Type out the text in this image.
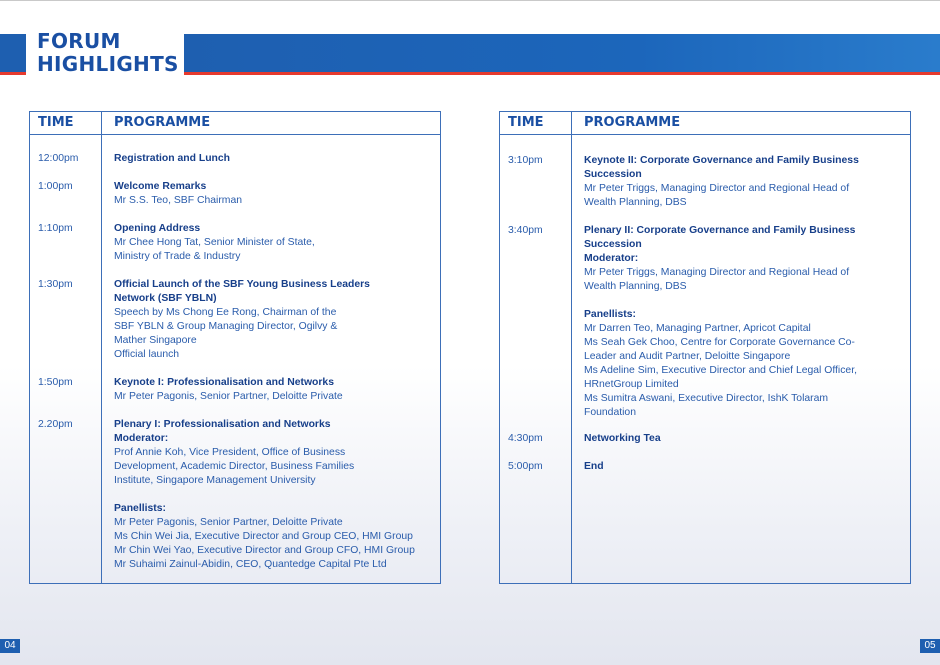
FORUM
HIGHLIGHTS
TIME	PROGRAMME
12:00pm	Registration and Lunch
1:00pm	Welcome Remarks
Mr S.S. Teo, SBF Chairman
1:10pm	Opening Address
Mr Chee Hong Tat, Senior Minister of State,
Ministry of Trade & Industry
1:30pm	Official Launch of the SBF Young Business Leaders
Network (SBF YBLN)
Speech by Ms Chong Ee Rong, Chairman of the
SBF YBLN & Group Managing Director, Ogilvy &
Mather Singapore
Official launch
1:50pm	Keynote I: Professionalisation and Networks
Mr Peter Pagonis, Senior Partner, Deloitte Private
2.20pm	Plenary I: Professionalisation and Networks
Moderator:
Prof Annie Koh, Vice President, Office of Business
Development, Academic Director, Business Families
Institute, Singapore Management University
Panellists:
Mr Peter Pagonis, Senior Partner, Deloitte Private
Ms Chin Wei Jia, Executive Director and Group CEO, HMI Group
Mr Chin Wei Yao, Executive Director and Group CFO, HMI Group
Mr Suhaimi Zainul-Abidin, CEO, Quantedge Capital Pte Ltd
TIME	PROGRAMME
3:10pm	Keynote II: Corporate Governance and Family Business
Succession
Mr Peter Triggs, Managing Director and Regional Head of
Wealth Planning, DBS
3:40pm	Plenary II: Corporate Governance and Family Business
Succession
Moderator:
Mr Peter Triggs, Managing Director and Regional Head of
Wealth Planning, DBS
Panellists:
Mr Darren Teo, Managing Partner, Apricot Capital
Ms Seah Gek Choo, Centre for Corporate Governance Co-
Leader and Audit Partner, Deloitte Singapore
Ms Adeline Sim, Executive Director and Chief Legal Officer,
HRnetGroup Limited
Ms Sumitra Aswani, Executive Director, IshK Tolaram
Foundation
4:30pm	Networking Tea
5:00pm	End
04	05
